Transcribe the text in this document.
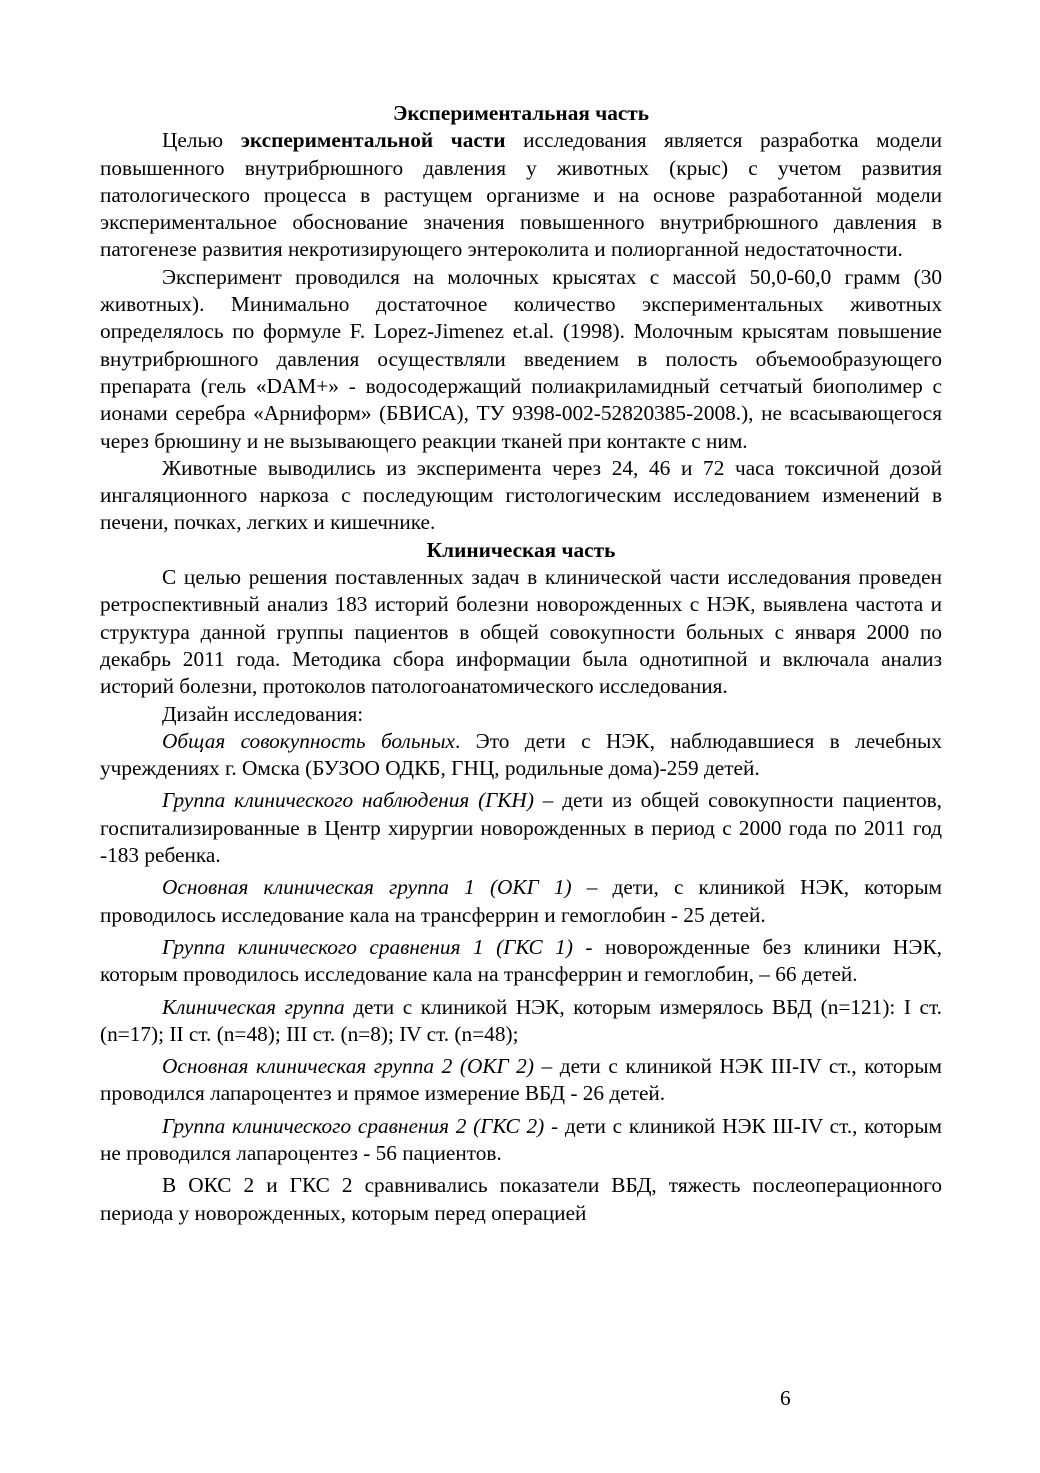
Экспериментальная часть

Целью экспериментальной части исследования является разработка модели повышенного внутрибрюшного давления у животных (крыс) с учетом развития патологического процесса в растущем организме и на основе разработанной модели экспериментальное обоснование значения повышенного внутрибрюшного давления в патогенезе развития некротизирующего энтероколита и полиорганной недостаточности.

Эксперимент проводился на молочных крысятах с массой 50,0-60,0 грамм (30 животных). Минимально достаточное количество экспериментальных животных определялось по формуле F. Lopez-Jimenez et.al. (1998). Молочным крысятам повышение внутрибрюшного давления осуществляли введением в полость объемообразующего препарата (гель «DAM+» - водосодержащий полиакриламидный сетчатый биополимер с ионами серебра «Арниформ» (БВИСА), ТУ 9398-002-52820385-2008.), не всасывающегося через брюшину и не вызывающего реакции тканей при контакте с ним.

Животные выводились из эксперимента через 24, 46 и 72 часа токсичной дозой ингаляционного наркоза с последующим гистологическим исследованием изменений в печени, почках, легких и кишечнике.

Клиническая часть

С целью решения поставленных задач в клинической части исследования проведен ретроспективный анализ 183 историй болезни новорожденных с НЭК, выявлена частота и структура данной группы пациентов в общей совокупности больных с января 2000 по декабрь 2011 года. Методика сбора информации была однотипной и включала анализ историй болезни, протоколов патологоанатомического исследования.

Дизайн исследования:

Общая совокупность больных. Это дети с НЭК, наблюдавшиеся в лечебных учреждениях г. Омска (БУЗОО ОДКБ, ГНЦ, родильные дома)-259 детей.

Группа клинического наблюдения (ГКН) – дети из общей совокупности пациентов, госпитализированные в Центр хирургии новорожденных в период с 2000 года по 2011 год -183 ребенка.

Основная клиническая группа 1 (ОКГ 1) – дети, с клиникой НЭК, которым проводилось исследование кала на трансферрин и гемоглобин - 25 детей.

Группа клинического сравнения 1 (ГКС 1) - новорожденные без клиники НЭК, которым проводилось исследование кала на трансферрин и гемоглобин, – 66 детей.

Клиническая группа дети с клиникой НЭК, которым измерялось ВБД (n=121): I ст. (n=17); II ст. (n=48); III ст. (n=8); IV ст. (n=48);

Основная клиническая группа 2 (ОКГ 2) – дети с клиникой НЭК III-IV ст., которым проводился лапароцентез и прямое измерение ВБД - 26 детей.

Группа клинического сравнения 2 (ГКС 2) - дети с клиникой НЭК III-IV ст., которым не проводился лапароцентез - 56 пациентов.

В ОКС 2 и ГКС 2 сравнивались показатели ВБД, тяжесть послеоперационного периода у новорожденных, которым перед операцией

6
